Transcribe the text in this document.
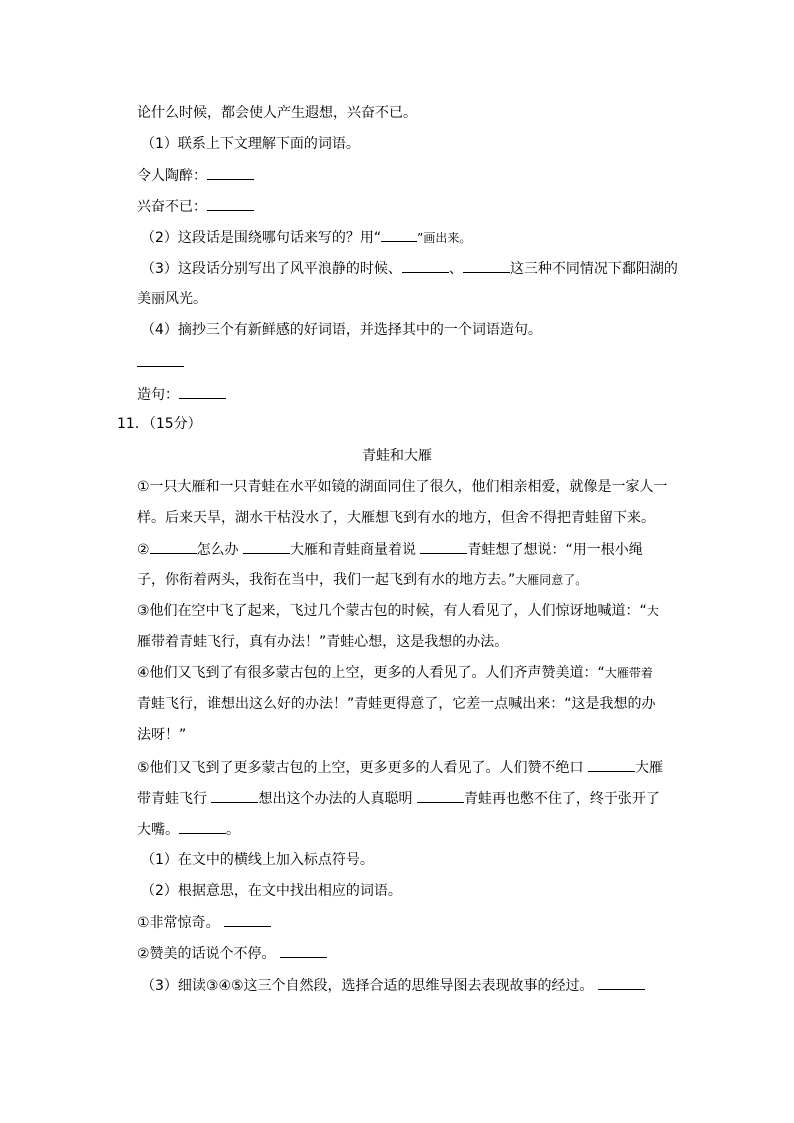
论什么时候，都会使人产生遐想，兴奋不已。
（1）联系上下文理解下面的词语。
令人陶醉：
兴奋不已：
（2）这段话是围绕哪句话来写的？用“	”画出来。
（3）这段话分别写出了风平浪静的时候、	、	这三种不同情况下鄱阳湖的
美丽风光。
（4）摘抄三个有新鲜感的好词语，并选择其中的一个词语造句。
造句：
11．（15分）
青蛙和大雁
①一只大雁和一只青蛙在水平如镜的湖面同住了很久，他们相亲相爱，就像是一家人一
样。后来天旱，湖水干枯没水了，大雁想飞到有水的地方，但舍不得把青蛙留下来。
②	怎么办	大雁和青蛙商量着说	青蛙想了想说：“用一根小绳
子，你衔着两头，我衔在当中，我们一起飞到有水的地方去。”大雁同意了。
③他们在空中飞了起来，飞过几个蒙古包的时候，有人看见了，人们惊讶地喊道：“大
雁带着青蛙飞行，真有办法！”青蛙心想，这是我想的办法。
④他们又飞到了有很多蒙古包的上空，更多的人看见了。人们齐声赞美道：“大雁带着
青蛙飞行，谁想出这么好的办法！”青蛙更得意了，它差一点喊出来：“这是我想的办
法呀！”
⑤他们又飞到了更多蒙古包的上空，更多更多的人看见了。人们赞不绝口	大雁
带青蛙飞行	想出这个办法的人真聪明	青蛙再也憋不住了，终于张开了
大嘴。	。
（1）在文中的横线上加入标点符号。
（2）根据意思，在文中找出相应的词语。
①非常惊奇。
②赞美的话说个不停。
（3）细读③④⑤这三个自然段，选择合适的思维导图去表现故事的经过。
